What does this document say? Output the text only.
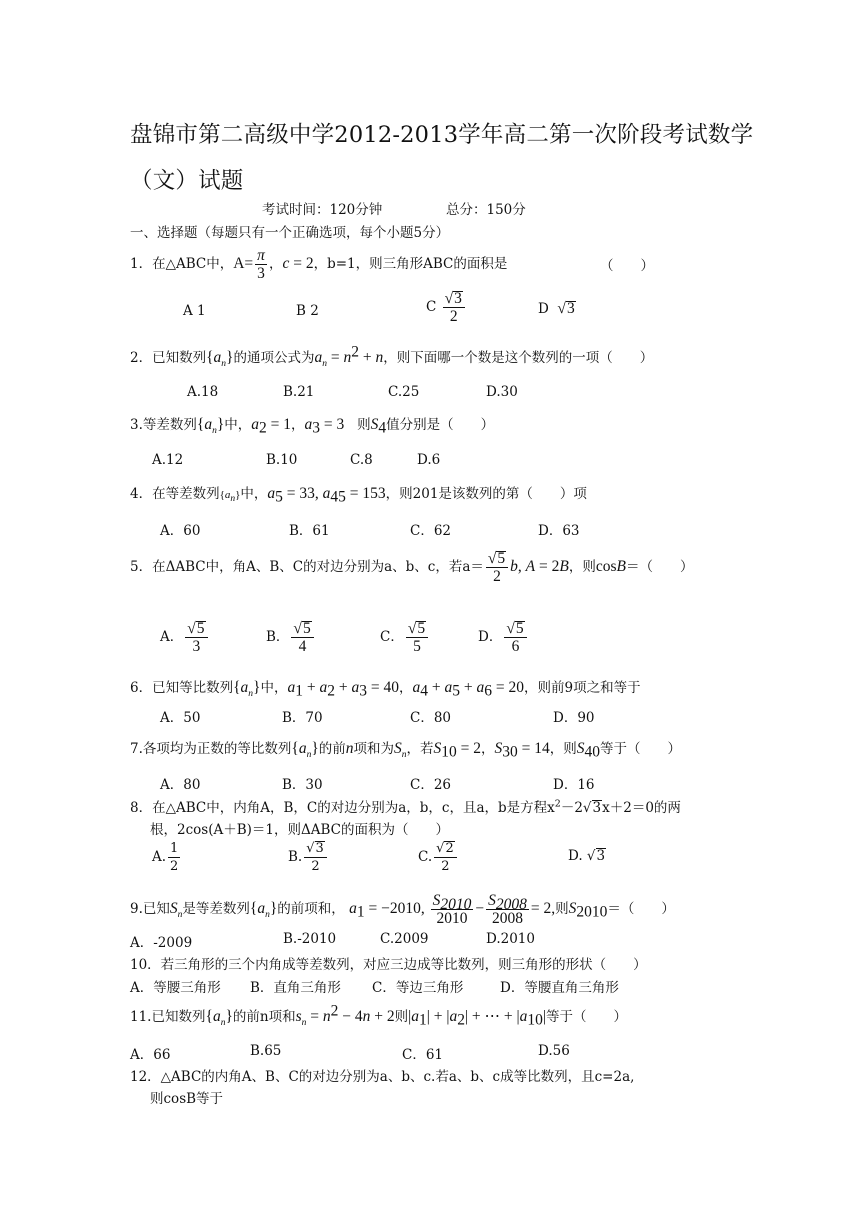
盘锦市第二高级中学2012-2013学年高二第一次阶段考试数学
（文）试题
考试时间：120分钟	总分：150分
一、选择题（每题只有一个正确选项，每个小题5分）
1．在△ABC中，$A= \frac{\pi}{3}$ ，c = 2，b=1，则三角形ABC的面积是	（　　）
A 1	B 2	C $\frac{√3}{2}$	D √3
2．已知数列$\{a_n\}$的通项公式为$a_n = n^2 + n$，则下面哪一个数是这个数列的一项（　　）
A.18	B.21	C.25	D.30
3.等差数列$\{a_n\}$中，$a_2 = 1$，$a_3 = 3$ 则$S_4$值分别是（　　）
A.12	B.10	C.8	D.6
4．在等差数列$\{a_n\}$中，$a_5 = 33$, $a_{45} = 153$，则201是该数列的第（　　）项
A．60	B．61	C．62	D．63
5．在ΔABC中，角A、B、C的对边分别为a、b、c，若$a= \frac{√5}{2} b$, A = 2B，则cosB＝（　　）
A． $\frac{√5}{3}$	B． $\frac{√5}{4}$	C． $\frac{√5}{5}$	D． $\frac{√5}{6}$
6．已知等比数列$\{a_n\}$中，$a_1 + a_2 + a_3 = 40$，$a_4 + a_5 + a_6 = 20$，则前9项之和等于
A．50	B．70	C．80	D．90
7.各项均为正数的等比数列$\{a_n\}$的前n项和为$S_n$，若$S_{10} = 2$，$S_{30} = 14$，则$S_{40}$等于（　　）
A．80	B．30	C．26	D．16
8．在△ABC中，内角A，B，C的对边分别为a，b，c，且a，b是方程$x^2-2√3x+2=0$的两
根，2cos(A＋B)＝1，则ΔABC的面积为（　　）
A. $\frac{1}{2}$	B. $\frac{√3}{2}$	C. $\frac{√2}{2}$	D. √3
9.已知$S_n$是等差数列$\{a_n\}$的前项和， $a_1 = -2010$, $\frac{S_{2010}}{2010} - \frac{S_{2008}}{2008} = 2$,则$S_{2010}=$（　　）
A．-2009	B.-2010	C.2009	D.2010
10．若三角形的三个内角成等差数列，对应三边成等比数列，则三角形的形状（　　）
A．等腰三角形 B．直角三角形 C．等边三角形	D．等腰直角三角形
11.已知数列$\{a_n\}$的前n项和$s_n = n^2 - 4n + 2$则$|a_1| + |a_2|$ + ⋯ + $|a_{10}|$等于（　　）
A．66	B.65	C．61	D.56
12．△ABC的内角A、B、C的对边分别为a、b、c.若a、b、c成等比数列，且c=2a,
则cosB等于
